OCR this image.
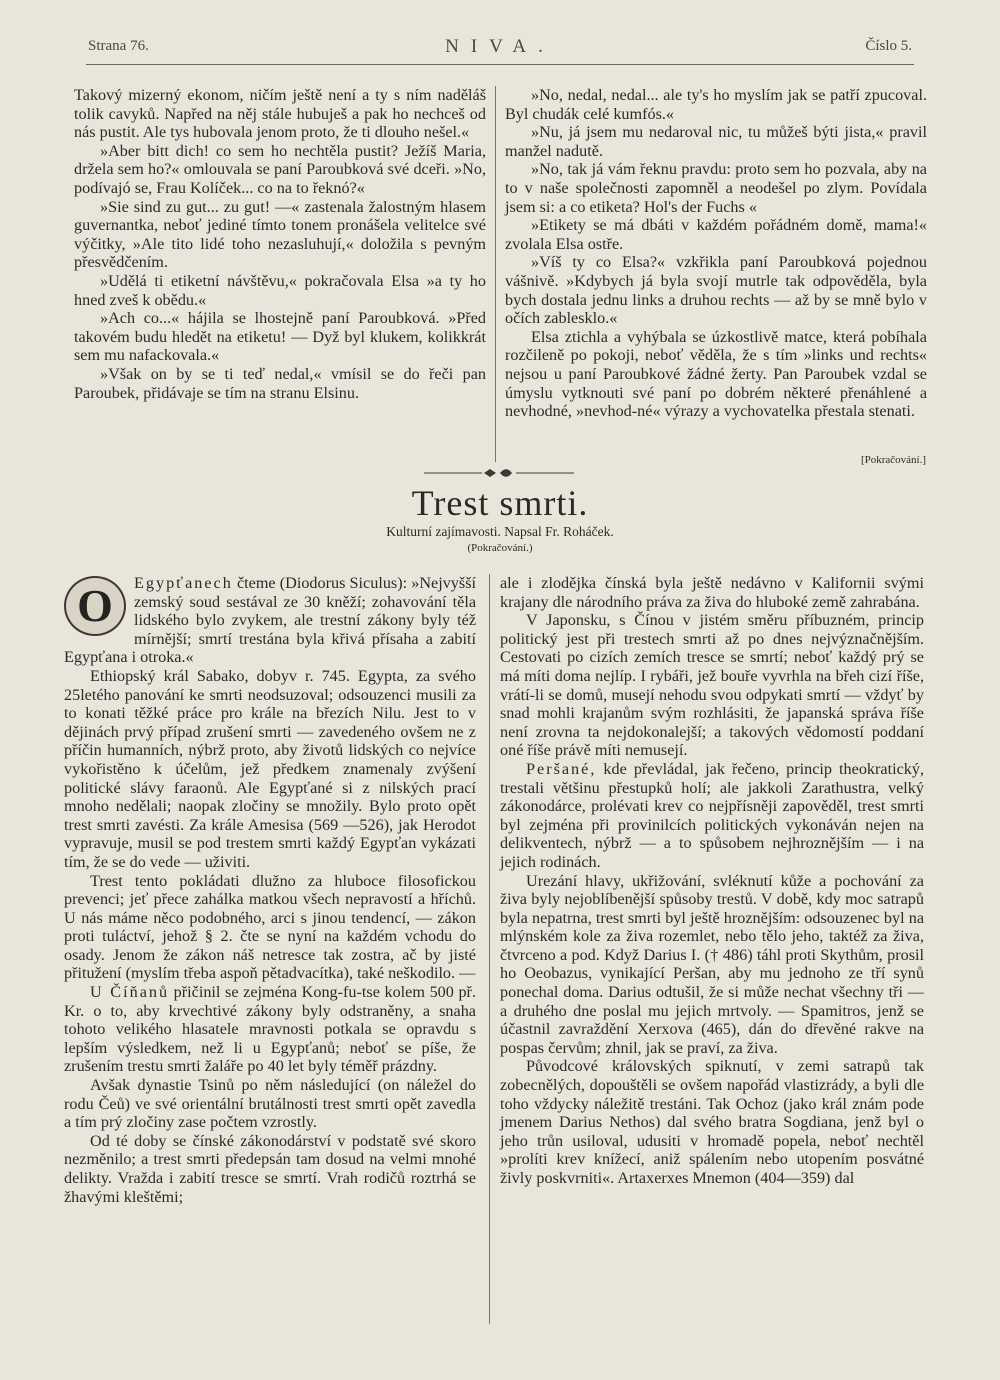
Strana 76.	NIVA.	Číslo 5.

Takový mizerný ekonom, ničím ještě není a ty s ním naděláš tolik cavyků. Napřed na něj stále hubuješ a pak ho nechceš od nás pustit. Ale tys hubovala jenom proto, že ti dlouho nešel.«

»Aber bitt dich! co sem ho nechtěla pustit? Ježíš Maria, držela sem ho?« omlouvala se paní Paroubková své dceři. »No, podívajó se, Frau Kolíček... co na to řeknó?«

»Sie sind zu gut... zu gut! —« zastenala žalostným hlasem guvernantka, neboť jediné tímto tonem pronášela velitelce své výčitky, »Ale tito lidé toho nezasluhují,« doložila s pevným přesvědčením.

»Udělá ti etiketní návštěvu,« pokračovala Elsa »a ty ho hned zveš k obědu.«

»Ach co...« hájila se lhostejně paní Paroubková. »Před takovém budu hledět na etiketu! — Dyž byl klukem, kolikkrát sem mu nafackovala.«

»Však on by se ti teď nedal,« vmísil se do řeči pan Paroubek, přidávaje se tím na stranu Elsinu.

»No, nedal, nedal... ale ty's ho myslím jak se patří zpucoval. Byl chudák celé kumfós.«

»Nu, já jsem mu nedaroval nic, tu můžeš býti jista,« pravil manžel nadutě.

»No, tak já vám řeknu pravdu: proto sem ho pozvala, aby na to v naše společnosti zapomněl a neodešel po zlym. Povídala jsem si: a co etiketa? Hol's der Fuchs «

»Etikety se má dbáti v každém pořádném domě, mama!« zvolala Elsa ostře.

»Víš ty co Elsa?« vzkřikla paní Paroubková pojednou vášnivě. »Kdybych já byla svojí mutrle tak odpověděla, byla bych dostala jednu links a druhou rechts — až by se mně bylo v očích zablesklo.«

Elsa ztichla a vyhýbala se úzkostlivě matce, která pobíhala rozčileně po pokoji, neboť věděla, že s tím »links und rechts« nejsou u paní Paroubkové žádné žerty. Pan Paroubek vzdal se úmyslu vytknouti své paní po dobrém některé přenáhlené a nevhodné, »nevhod-né« výrazy a vychovatelka přestala stenati.

[Pokračování.]
Trest smrti.
Kulturní zajímavosti. Napsal Fr. Roháček.
(Pokračování.)

O	Egypťanech čteme (Diodorus Siculus): »Nejvyšší zemský soud sestával ze 30 kněží; zohavování těla lidského bylo zvykem, ale trestní zákony byly též mírnější; smrtí trestána byla křivá přísaha a zabití Egypťana i otroka.«

Ethiopský král Sabako, dobyv r. 745. Egypta, za svého 25letého panování ke smrti neodsuzoval; odsouzenci musili za to konati těžké práce pro krále na březích Nilu. Jest to v dějinách prvý případ zrušení smrti — zavedeného ovšem ne z příčin humanních, nýbrž proto, aby životů lidských co nejvíce vykořistěno k účelům, jež předkem znamenaly zvýšení politické slávy faraonů. Ale Egypťané si z nilských prací mnoho nedělali; naopak zločiny se množily. Bylo proto opět trest smrti zavésti. Za krále Amesisa (569 —526), jak Herodot vypravuje, musil se pod trestem smrti každý Egypťan vykázati tím, že se do vede — uživiti.

Trest tento pokládati dlužno za hluboce filosofickou prevenci; jeť přece zahálka matkou všech nepravostí a hříchů. U nás máme něco podobného, arci s jinou tendencí, — zákon proti tuláctví, jehož § 2. čte se nyní na každém vchodu do osady. Jenom že zákon náš netresce tak zostra, ač by jisté přitužení (myslím třeba aspoň pětadvacítka), také neškodilo. —

U Číňanů přičinil se zejména Kong-fu-tse kolem 500 př. Kr. o to, aby krvechtivé zákony byly odstraněny, a snaha tohoto velikého hlasatele mravnosti potkala se opravdu s lepším výsledkem, než li u Egypťanů; neboť se píše, že zrušením trestu smrti žaláře po 40 let byly téměř prázdny.

Avšak dynastie Tsinů po něm následující (on náležel do rodu Čeů) ve své orientální brutálnosti trest smrti opět zavedla a tím prý zločiny zase počtem vzrostly.

Od té doby se čínské zákonodárství v podstatě své skoro nezměnilo; a trest smrti předepsán tam dosud na velmi mnohé delikty. Vražda i zabití tresce se smrtí. Vrah rodičů roztrhá se žhavými kleštěmi;

ale i zlodějka čínská byla ještě nedávno v Kalifornii svými krajany dle národního práva za živa do hluboké země zahrabána.

V Japonsku, s Čínou v jistém směru příbuzném, princip politický jest při trestech smrti až po dnes nejvýznačnějším. Cestovati po cizích zemích tresce se smrtí; neboť každý prý se má míti doma nejlíp. I rybáři, jež bouře vyvrhla na břeh cizí říše, vrátí-li se domů, musejí nehodu svou odpykati smrtí — vždyť by snad mohli krajanům svým rozhlásiti, že japanská správa říše není zrovna ta nejdokonalejší; a takových vědomostí poddaní oné říše právě míti nemusejí.

Peršané, kde převládal, jak řečeno, princip theokratický, trestali většinu přestupků holí; ale jakkoli Zarathustra, velký zákonodárce, prolévati krev co nejpřísněji zapověděl, trest smrti byl zejména při provinilcích politických vykonáván nejen na delikventech, nýbrž — a to spůsobem nejhroznějším — i na jejich rodinách.

Urezání hlavy, ukřižování, svléknutí kůže a pochování za živa byly nejoblíbenější spůsoby trestů. V době, kdy moc satrapů byla nepatrna, trest smrti byl ještě hroznějším: odsouzenec byl na mlýnském kole za živa rozemlet, nebo tělo jeho, taktéž za živa, čtvrceno a pod. Když Darius I. († 486) táhl proti Skythům, prosil ho Oeobazus, vynikající Peršan, aby mu jednoho ze tří synů ponechal doma. Darius odtušil, že si může nechat všechny tři — a druhého dne poslal mu jejich mrtvoly. — Spamitros, jenž se účastnil zavraždění Xerxova (465), dán do dřevěné rakve na pospas červům; zhnil, jak se praví, za živa.

Původcové královských spiknutí, v zemi satrapů tak zobecnělých, dopouštěli se ovšem napořád vlastizrády, a byli dle toho vždycky náležitě trestáni. Tak Ochoz (jako král znám pode jmenem Darius Nethos) dal svého bratra Sogdiana, jenž byl o jeho trůn usiloval, udusiti v hromadě popela, neboť nechtěl »prolíti krev knížecí, aniž spálením nebo utopením posvátné živly poskvrniti«. Artaxerxes Mnemon (404—359) dal
